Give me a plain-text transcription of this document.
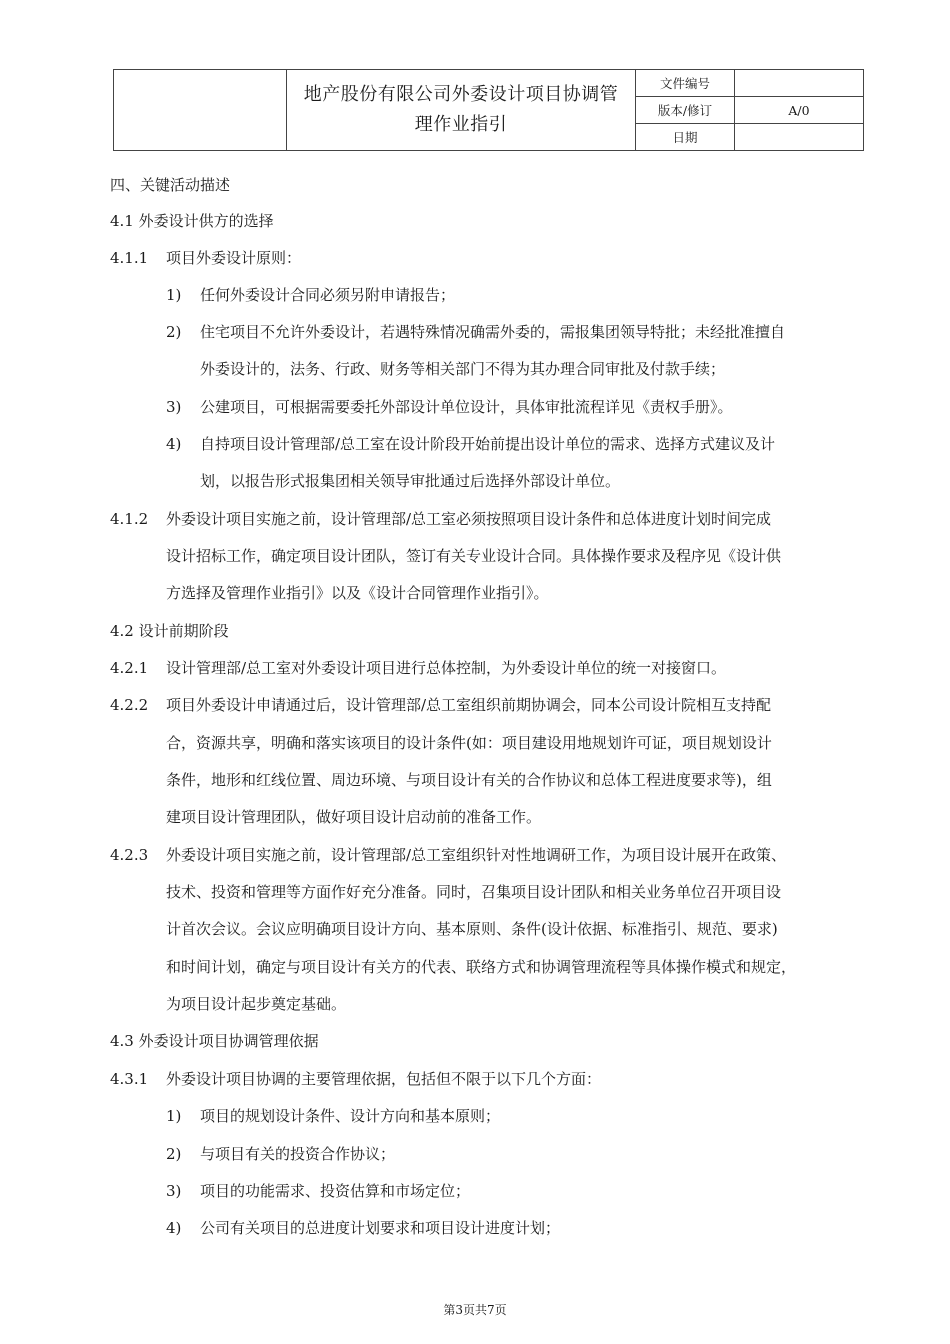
	地产股份有限公司外委设计项目协调管
理作业指引	文件编号	
		版本/修订	A/0
		日期	
四、关键活动描述
4.1 外委设计供方的选择
4.1.1 项目外委设计原则：
1) 任何外委设计合同必须另附申请报告；
2) 住宅项目不允许外委设计，若遇特殊情况确需外委的，需报集团领导特批；未经批准擅自
外委设计的，法务、行政、财务等相关部门不得为其办理合同审批及付款手续；
3) 公建项目，可根据需要委托外部设计单位设计，具体审批流程详见《责权手册》。
4) 自持项目设计管理部/总工室在设计阶段开始前提出设计单位的需求、选择方式建议及计
划，以报告形式报集团相关领导审批通过后选择外部设计单位。
4.1.2 外委设计项目实施之前，设计管理部/总工室必须按照项目设计条件和总体进度计划时间完成
设计招标工作，确定项目设计团队，签订有关专业设计合同。具体操作要求及程序见《设计供
方选择及管理作业指引》以及《设计合同管理作业指引》。
4.2 设计前期阶段
4.2.1 设计管理部/总工室对外委设计项目进行总体控制，为外委设计单位的统一对接窗口。
4.2.2 项目外委设计申请通过后，设计管理部/总工室组织前期协调会，同本公司设计院相互支持配
合，资源共享，明确和落实该项目的设计条件(如：项目建设用地规划许可证，项目规划设计
条件，地形和红线位置、周边环境、与项目设计有关的合作协议和总体工程进度要求等)，组
建项目设计管理团队，做好项目设计启动前的准备工作。
4.2.3 外委设计项目实施之前，设计管理部/总工室组织针对性地调研工作，为项目设计展开在政策、
技术、投资和管理等方面作好充分准备。同时，召集项目设计团队和相关业务单位召开项目设
计首次会议。会议应明确项目设计方向、基本原则、条件(设计依据、标准指引、规范、要求)
和时间计划，确定与项目设计有关方的代表、联络方式和协调管理流程等具体操作模式和规定，
为项目设计起步奠定基础。
4.3 外委设计项目协调管理依据
4.3.1 外委设计项目协调的主要管理依据，包括但不限于以下几个方面：
1) 项目的规划设计条件、设计方向和基本原则；
2) 与项目有关的投资合作协议；
3) 项目的功能需求、投资估算和市场定位；
4) 公司有关项目的总进度计划要求和项目设计进度计划；
第3页共7页
